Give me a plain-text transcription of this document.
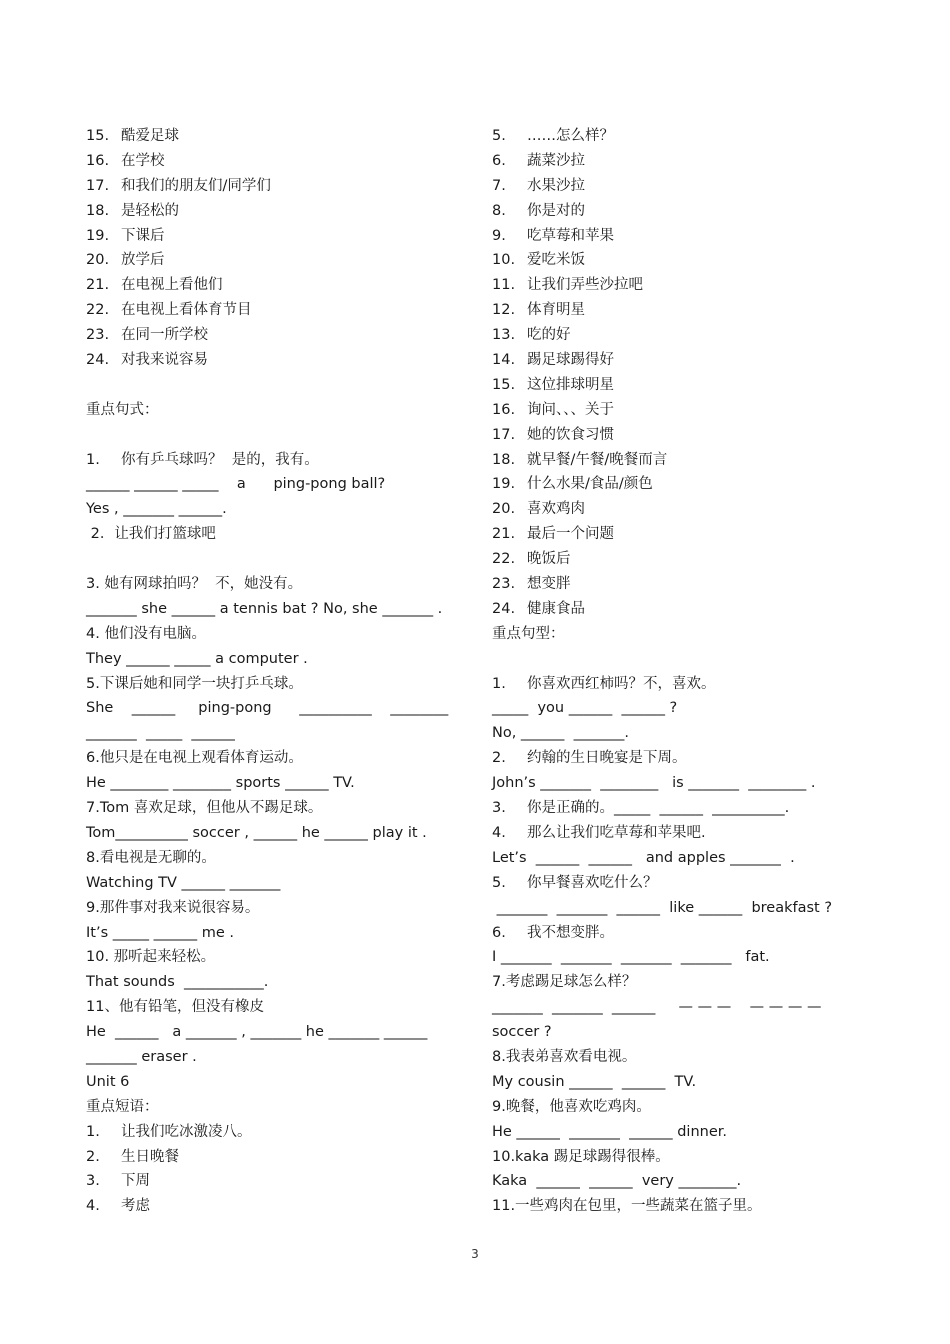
15. 酷爱足球
16. 在学校
17. 和我们的朋友们/同学们
18. 是轻松的
19. 下课后
20. 放学后
21. 在电视上看他们
22. 在电视上看体育节目
23. 在同一所学校
24. 对我来说容易
重点句式：
1. 你有乒乓球吗？  是的，我有。
______ ______ _____    a      ping-pong ball?
Yes , _______ ______.
2．让我们打篮球吧
3. 她有网球拍吗？  不，她没有。
_______ she ______ a tennis bat ? No, she _______ .
4. 他们没有电脑。
They ______ _____ a computer .
5.下课后她和同学一块打乒乓球。
She    ______     ping-pong      __________    ________
_______  _____  ______
6.他只是在电视上观看体育运动。
He ________ ________ sports ______ TV.
7.Tom 喜欢足球，但他从不踢足球。
Tom__________ soccer , ______ he ______ play it .
8.看电视是无聊的。
Watching TV ______ _______
9.那件事对我来说很容易。
It’s _____ ______ me .
10. 那听起来轻松。
That sounds  ___________.
11、他有铅笔，但没有橡皮
He  ______   a _______ , _______ he _______ ______
_______ eraser .
Unit 6
重点短语：
1. 让我们吃冰激凌八。
2. 生日晚餐
3. 下周
4. 考虑
5. ……怎么样？
6. 蔬菜沙拉
7. 水果沙拉
8. 你是对的
9. 吃草莓和苹果
10. 爱吃米饭
11. 让我们弄些沙拉吧
12. 体育明星
13. 吃的好
14. 踢足球踢得好
15. 这位排球明星
16. 询问、、、关于
17. 她的饮食习惯
18. 就早餐/午餐/晚餐而言
19. 什么水果/食品/颜色
20. 喜欢鸡肉
21. 最后一个问题
22. 晚饭后
23. 想变胖
24. 健康食品
重点句型：
1. 你喜欢西红柿吗？不，喜欢。
_____  you ______  ______ ?
No, ______  _______.
2. 约翰的生日晚宴是下周。
John’s _______  ________   is _______  ________ .
3. 你是正确的。_____  ______  __________.
4. 那么让我们吃草莓和苹果吧.
Let’s  ______  ______   and apples _______  .
5. 你早餐喜欢吃什么？
_______  _______  ______  like ______  breakfast ?
6. 我不想变胖。
I _______  _______  _______  _______   fat.
7.考虑踢足球怎么样？
_______  _______  ______     — — —    — — — —
soccer ?
8.我表弟喜欢看电视。
My cousin ______  ______  TV.
9.晚餐，他喜欢吃鸡肉。
He ______  _______  ______ dinner.
10.kaka 踢足球踢得很棒。
Kaka  ______  ______  very ________.
11.一些鸡肉在包里，一些蔬菜在篮子里。
3
